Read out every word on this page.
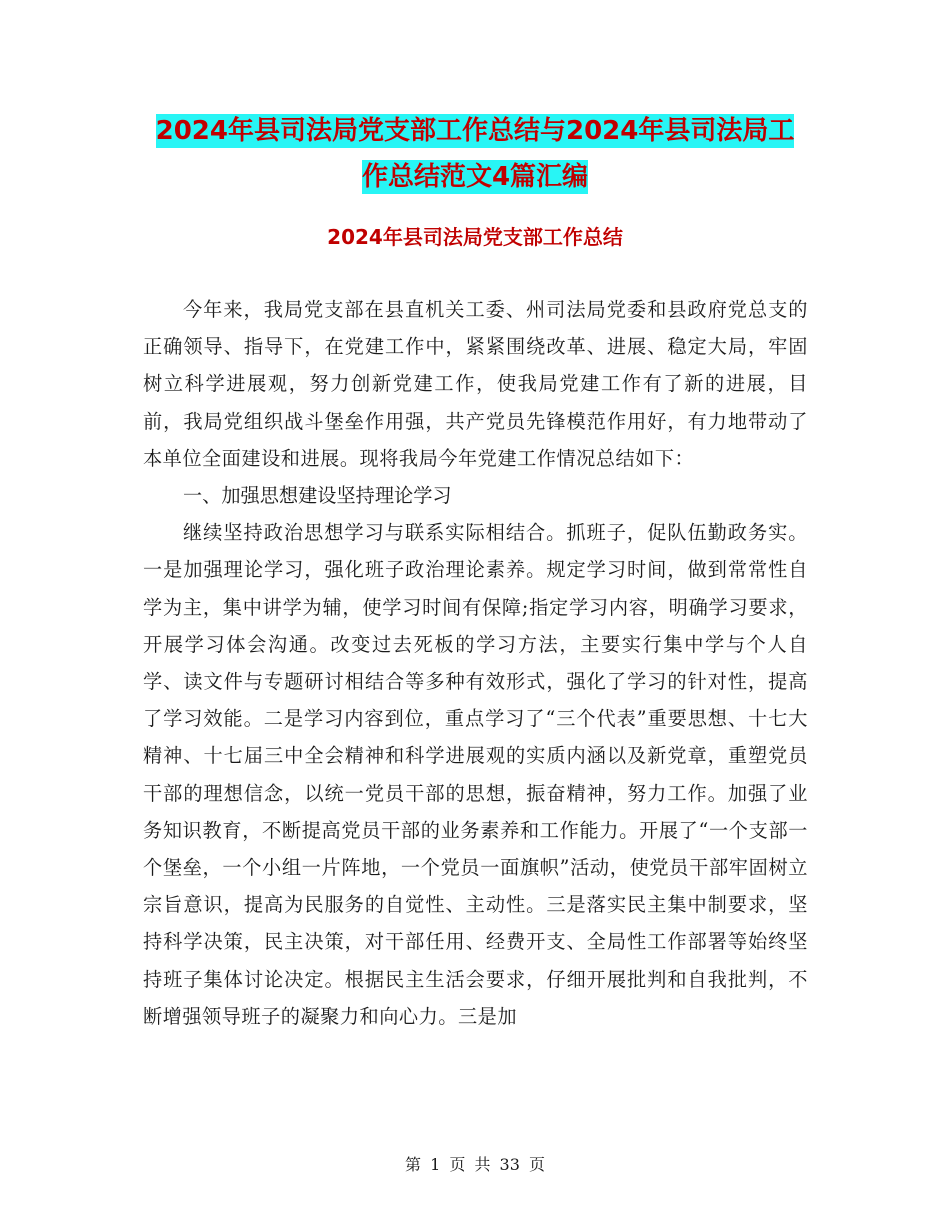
2024年县司法局党支部工作总结与2024年县司法局工
作总结范文4篇汇编
2024年县司法局党支部工作总结

今年来，我局党支部在县直机关工委、州司法局党委和县政府党总支的正确领导、指导下，在党建工作中，紧紧围绕改革、进展、稳定大局，牢固树立科学进展观，努力创新党建工作，使我局党建工作有了新的进展，目前，我局党组织战斗堡垒作用强，共产党员先锋模范作用好，有力地带动了本单位全面建设和进展。现将我局今年党建工作情况总结如下：

一、加强思想建设坚持理论学习

继续坚持政治思想学习与联系实际相结合。抓班子，促队伍勤政务实。一是加强理论学习，强化班子政治理论素养。规定学习时间，做到常常性自学为主，集中讲学为辅，使学习时间有保障;指定学习内容，明确学习要求，开展学习体会沟通。改变过去死板的学习方法，主要实行集中学与个人自学、读文件与专题研讨相结合等多种有效形式，强化了学习的针对性，提高了学习效能。二是学习内容到位，重点学习了“三个代表”重要思想、十七大精神、十七届三中全会精神和科学进展观的实质内涵以及新党章，重塑党员干部的理想信念，以统一党员干部的思想，振奋精神，努力工作。加强了业务知识教育，不断提高党员干部的业务素养和工作能力。开展了“一个支部一个堡垒，一个小组一片阵地，一个党员一面旗帜”活动，使党员干部牢固树立宗旨意识，提高为民服务的自觉性、主动性。三是落实民主集中制要求，坚持科学决策，民主决策，对干部任用、经费开支、全局性工作部署等始终坚持班子集体讨论决定。根据民主生活会要求，仔细开展批判和自我批判，不断增强领导班子的凝聚力和向心力。三是加

第 1 页 共 33 页
